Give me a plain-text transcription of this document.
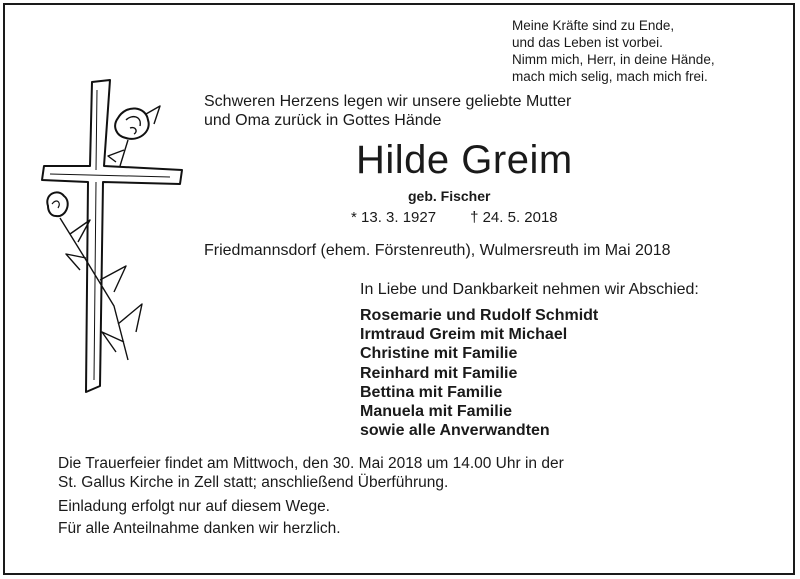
Meine Kräfte sind zu Ende,
und das Leben ist vorbei.
Nimm mich, Herr, in deine Hände,
mach mich selig, mach mich frei.
Schweren Herzens legen wir unsere geliebte Mutter
und Oma zurück in Gottes Hände
Hilde Greim
geb. Fischer
* 13. 3. 1927 † 24. 5. 2018
Friedmannsdorf (ehem. Förstenreuth), Wulmersreuth im Mai 2018
In Liebe und Dankbarkeit nehmen wir Abschied:
Rosemarie und Rudolf Schmidt
Irmtraud Greim mit Michael
Christine mit Familie
Reinhard mit Familie
Bettina mit Familie
Manuela mit Familie
sowie alle Anverwandten
Die Trauerfeier findet am Mittwoch, den 30. Mai 2018 um 14.00 Uhr in der
St. Gallus Kirche in Zell statt; anschließend Überführung.
Einladung erfolgt nur auf diesem Wege.
Für alle Anteilnahme danken wir herzlich.
